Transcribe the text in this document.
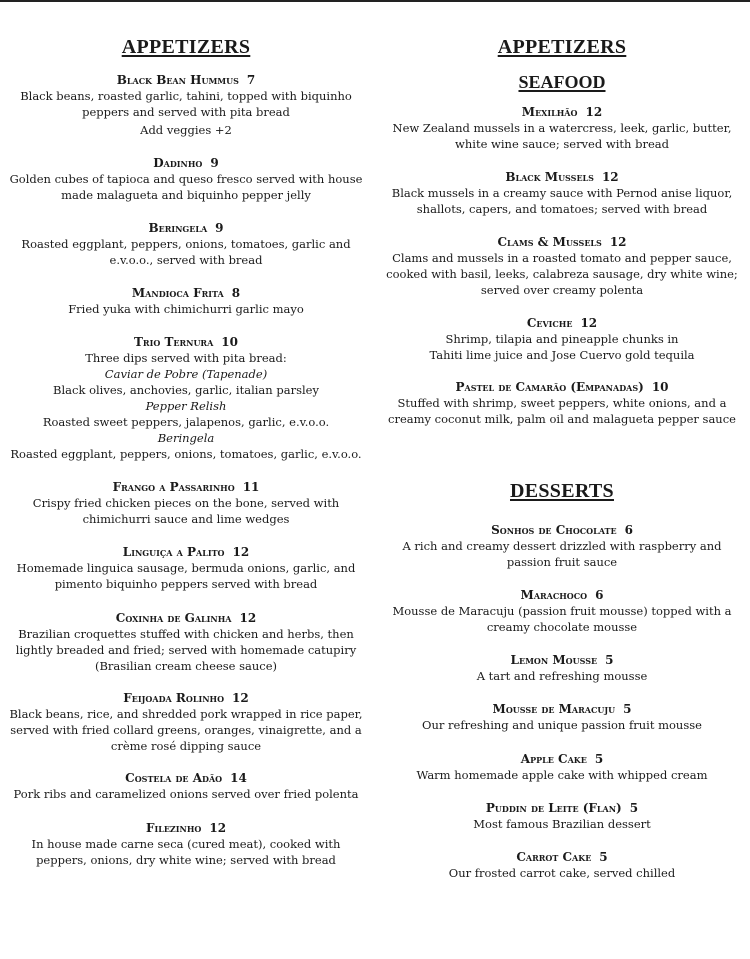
APPETIZERS
Black Bean Hummus 7
Black beans, roasted garlic, tahini, topped with biquinho
peppers and served with pita bread
Add veggies +2
Dadinho 9
Golden cubes of tapioca and queso fresco served with house
made malagueta and biquinho pepper jelly
Beringela 9
Roasted eggplant, peppers, onions, tomatoes, garlic and
e.v.o.o., served with bread
Mandioca Frita 8
Fried yuka with chimichurri garlic mayo
Trio Ternura 10
Three dips served with pita bread:
Caviar de Pobre (Tapenade)
Black olives, anchovies, garlic, italian parsley
Pepper Relish
Roasted sweet peppers, jalapenos, garlic, e.v.o.o.
Beringela
Roasted eggplant, peppers, onions, tomatoes, garlic, e.v.o.o.
Frango a Passarinho 11
Crispy fried chicken pieces on the bone, served with
chimichurri sauce and lime wedges
Linguiça a Palito 12
Homemade linguica sausage, bermuda onions, garlic, and
pimento biquinho peppers served with bread
Coxinha de Galinha 12
Brazilian croquettes stuffed with chicken and herbs, then
lightly breaded and fried; served with homemade catupiry
(Brasilian cream cheese sauce)
Feijoada Rolinho 12
Black beans, rice, and shredded pork wrapped in rice paper,
served with fried collard greens, oranges, vinaigrette, and a
crème rosé dipping sauce
Costela de Adão 14
Pork ribs and caramelized onions served over fried polenta
Filezinho 12
In house made carne seca (cured meat), cooked with
peppers, onions, dry white wine; served with bread
APPETIZERS
SEAFOOD
Mexilhão 12
New Zealand mussels in a watercress, leek, garlic, butter,
white wine sauce; served with bread
Black Mussels 12
Black mussels in a creamy sauce with Pernod anise liquor,
shallots, capers, and tomatoes; served with bread
Clams & Mussels 12
Clams and mussels in a roasted tomato and pepper sauce,
cooked with basil, leeks, calabreza sausage, dry white wine;
served over creamy polenta
Ceviche 12
Shrimp, tilapia and pineapple chunks in
Tahiti lime juice and Jose Cuervo gold tequila
Pastel de Camarão (Empanadas) 10
Stuffed with shrimp, sweet peppers, white onions, and a
creamy coconut milk, palm oil and malagueta pepper sauce
DESSERTS
Sonhos de Chocolate 6
A rich and creamy dessert drizzled with raspberry and
passion fruit sauce
Marachoco 6
Mousse de Maracuju (passion fruit mousse) topped with a
creamy chocolate mousse
Lemon Mousse 5
A tart and refreshing mousse
Mousse de Maracuju 5
Our refreshing and unique passion fruit mousse
Apple Cake 5
Warm homemade apple cake with whipped cream
Puddin de Leite (Flan) 5
Most famous Brazilian dessert
Carrot Cake 5
Our frosted carrot cake, served chilled
